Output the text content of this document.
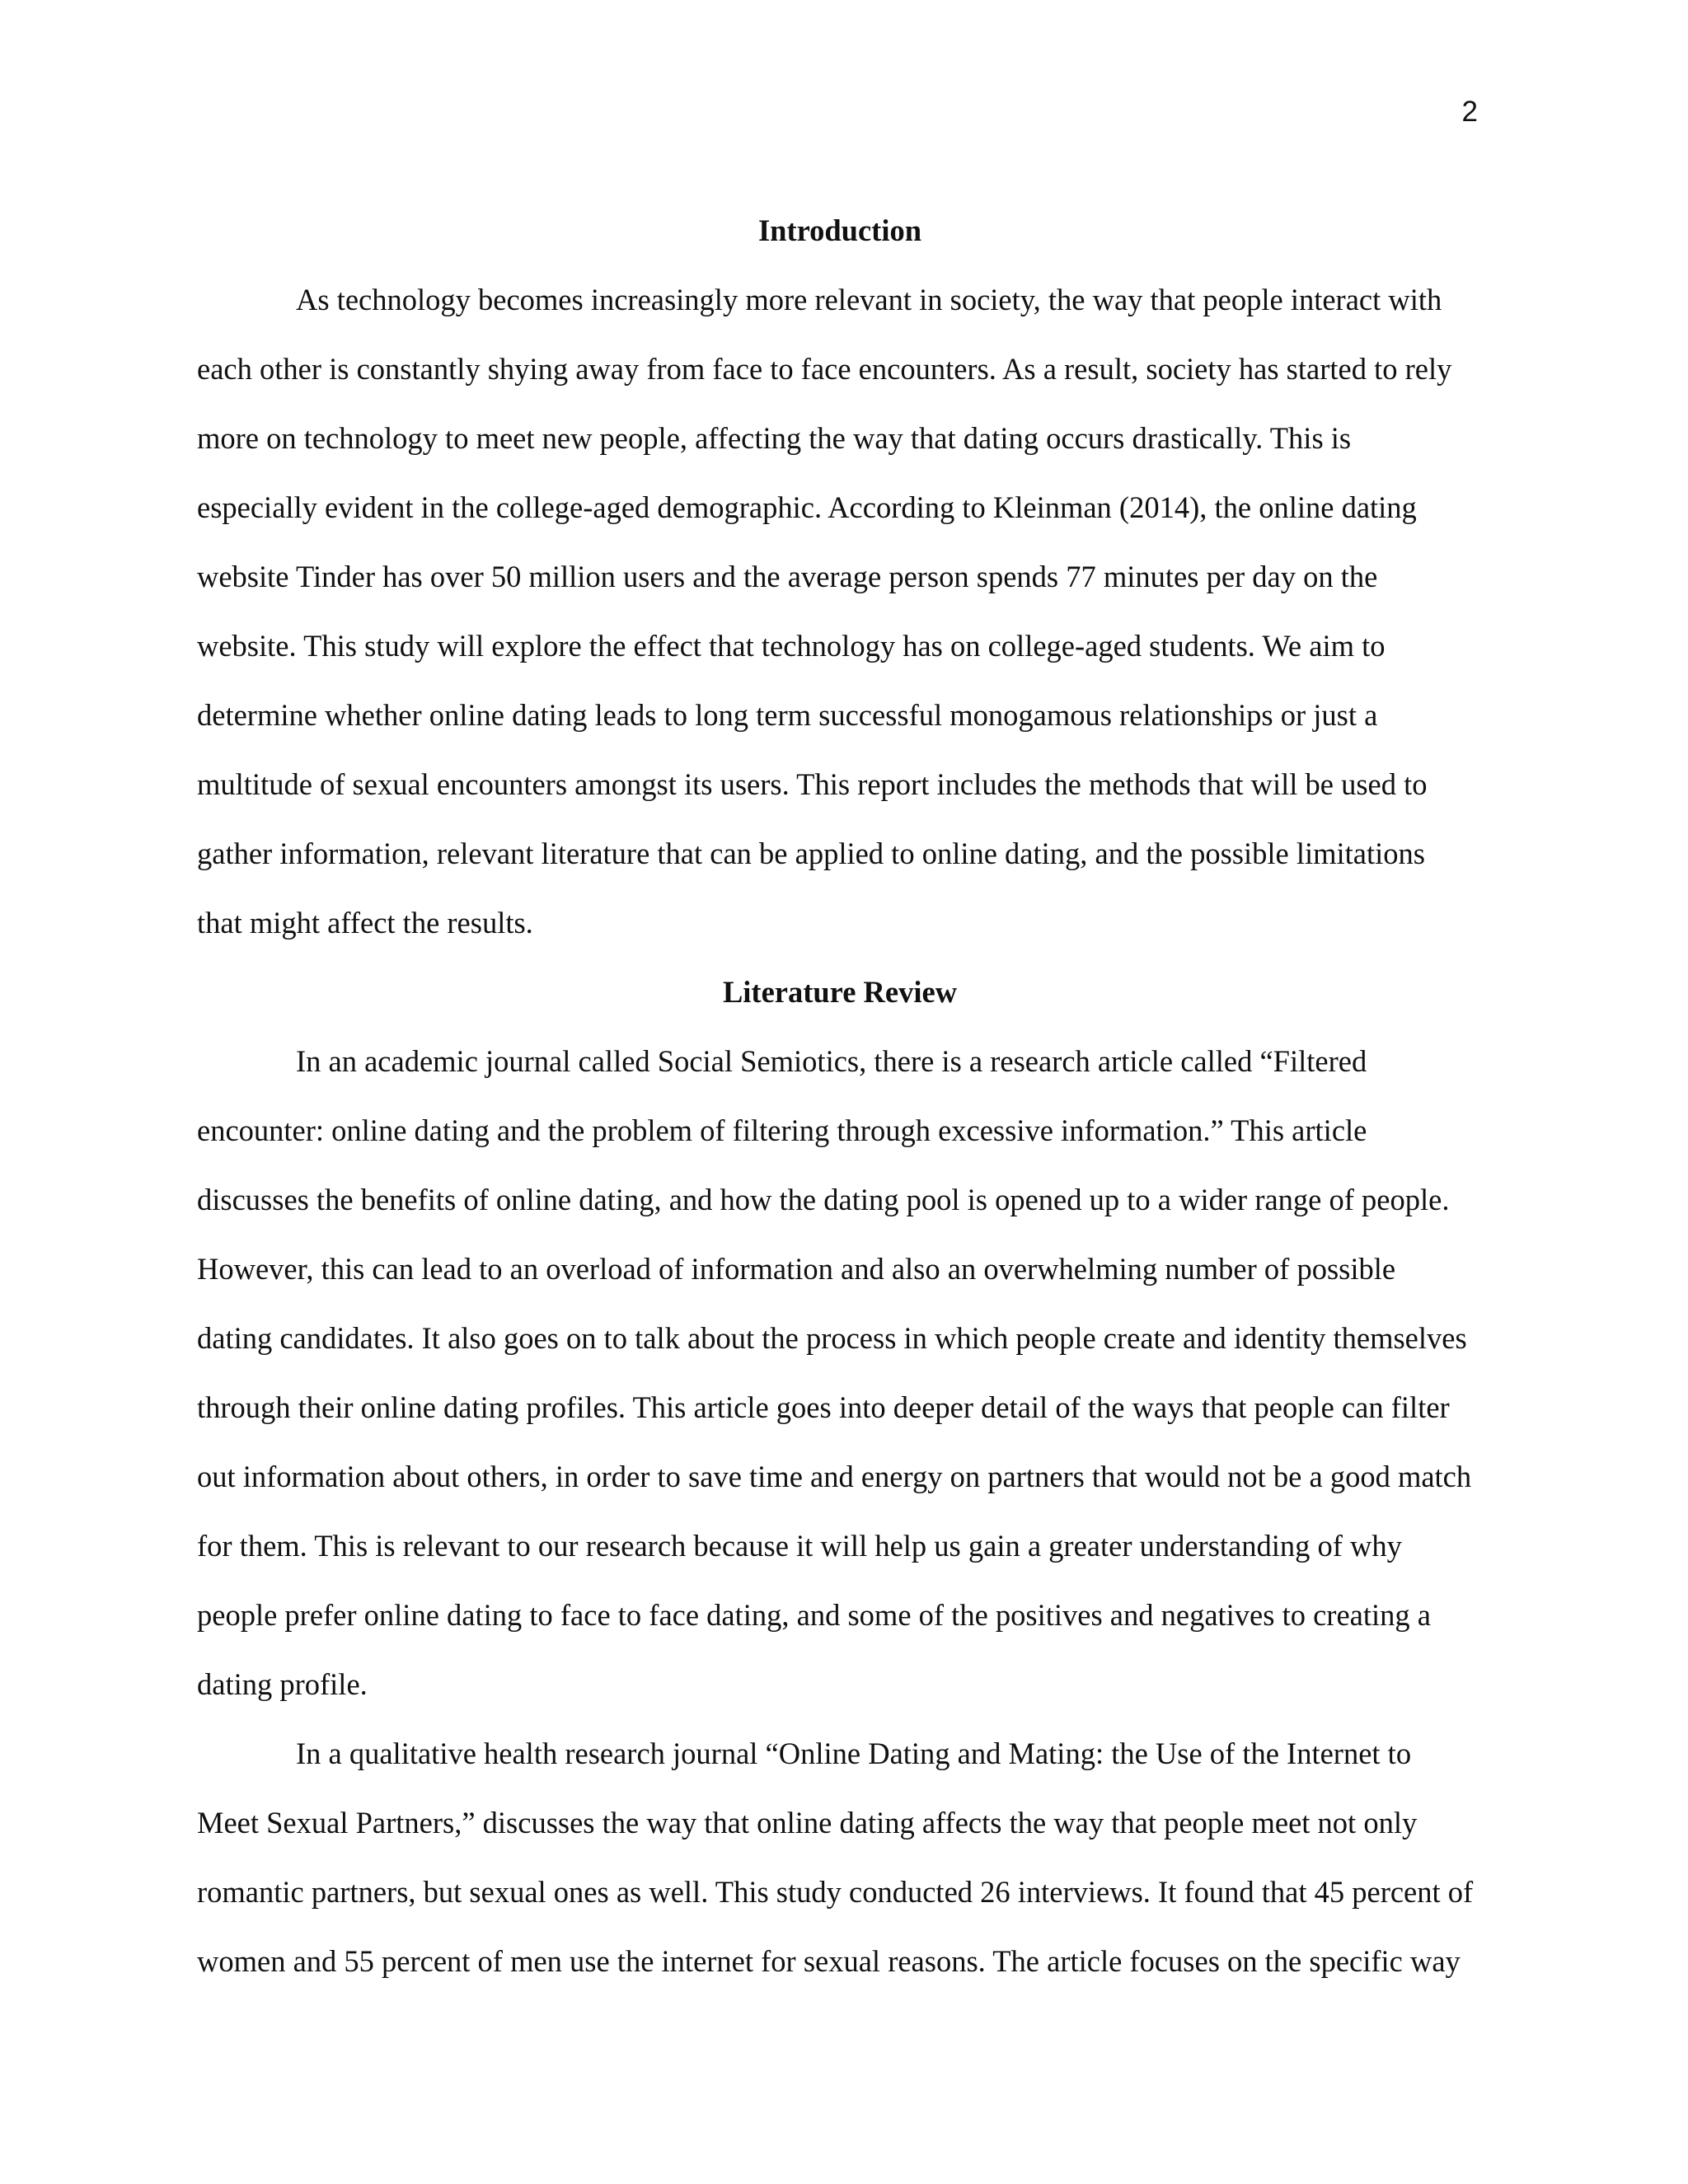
2
Introduction
As technology becomes increasingly more relevant in society, the way that people interact with
each other is constantly shying away from face to face encounters. As a result, society has started to rely
more on technology to meet new people, affecting the way that dating occurs drastically. This is
especially evident in the college-aged demographic. According to Kleinman (2014), the online dating
website Tinder has over 50 million users and the average person spends 77 minutes per day on the
website. This study will explore the effect that technology has on college-aged students. We aim to
determine whether online dating leads to long term successful monogamous relationships or just a
multitude of sexual encounters amongst its users. This report includes the methods that will be used to
gather information, relevant literature that can be applied to online dating, and the possible limitations
that might affect the results.
Literature Review
In an academic journal called Social Semiotics, there is a research article called “Filtered
encounter: online dating and the problem of filtering through excessive information.” This article
discusses the benefits of online dating, and how the dating pool is opened up to a wider range of people.
However, this can lead to an overload of information and also an overwhelming number of possible
dating candidates. It also goes on to talk about the process in which people create and identity themselves
through their online dating profiles. This article goes into deeper detail of the ways that people can filter
out information about others, in order to save time and energy on partners that would not be a good match
for them. This is relevant to our research because it will help us gain a greater understanding of why
people prefer online dating to face to face dating, and some of the positives and negatives to creating a
dating profile.
In a qualitative health research journal “Online Dating and Mating: the Use of the Internet to
Meet Sexual Partners,” discusses the way that online dating affects the way that people meet not only
romantic partners, but sexual ones as well. This study conducted 26 interviews. It found that 45 percent of
women and 55 percent of men use the internet for sexual reasons. The article focuses on the specific way
